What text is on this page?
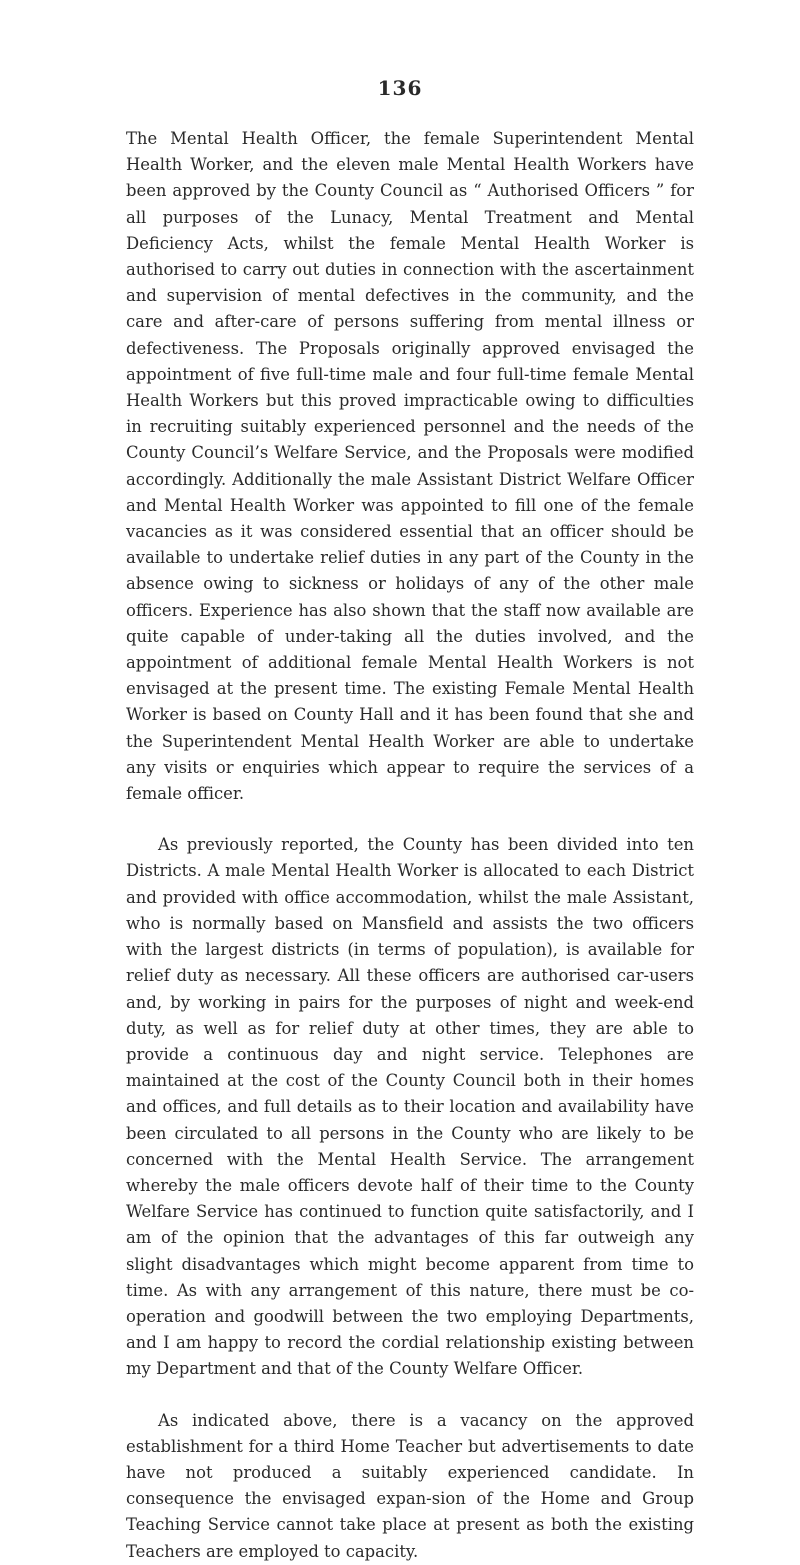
136

The Mental Health Officer, the female Superintendent Mental Health Worker, and the eleven male Mental Health Workers have been approved by the County Council as “ Authorised Officers ” for all purposes of the Lunacy, Mental Treatment and Mental Deficiency Acts, whilst the female Mental Health Worker is authorised to carry out duties in connection with the ascertainment and supervision of mental defectives in the community, and the care and after-care of persons suffering from mental illness or defectiveness. The Proposals originally approved envisaged the appointment of five full-time male and four full-time female Mental Health Workers but this proved impracticable owing to difficulties in recruiting suitably experienced personnel and the needs of the County Council’s Welfare Service, and the Proposals were modified accordingly. Additionally the male Assistant District Welfare Officer and Mental Health Worker was appointed to fill one of the female vacancies as it was considered essential that an officer should be available to undertake relief duties in any part of the County in the absence owing to sickness or holidays of any of the other male officers. Experience has also shown that the staff now available are quite capable of under-taking all the duties involved, and the appointment of additional female Mental Health Workers is not envisaged at the present time. The existing Female Mental Health Worker is based on County Hall and it has been found that she and the Superintendent Mental Health Worker are able to undertake any visits or enquiries which appear to require the services of a female officer.

As previously reported, the County has been divided into ten Districts. A male Mental Health Worker is allocated to each District and provided with office accommodation, whilst the male Assistant, who is normally based on Mansfield and assists the two officers with the largest districts (in terms of population), is available for relief duty as necessary. All these officers are authorised car-users and, by working in pairs for the purposes of night and week-end duty, as well as for relief duty at other times, they are able to provide a continuous day and night service. Telephones are maintained at the cost of the County Council both in their homes and offices, and full details as to their location and availability have been circulated to all persons in the County who are likely to be concerned with the Mental Health Service. The arrangement whereby the male officers devote half of their time to the County Welfare Service has continued to function quite satisfactorily, and I am of the opinion that the advantages of this far outweigh any slight disadvantages which might become apparent from time to time. As with any arrangement of this nature, there must be co-operation and goodwill between the two employing Departments, and I am happy to record the cordial relationship existing between my Department and that of the County Welfare Officer.

As indicated above, there is a vacancy on the approved establishment for a third Home Teacher but advertisements to date have not produced a suitably experienced candidate. In consequence the envisaged expan-sion of the Home and Group Teaching Service cannot take place at present as both the existing Teachers are employed to capacity.
